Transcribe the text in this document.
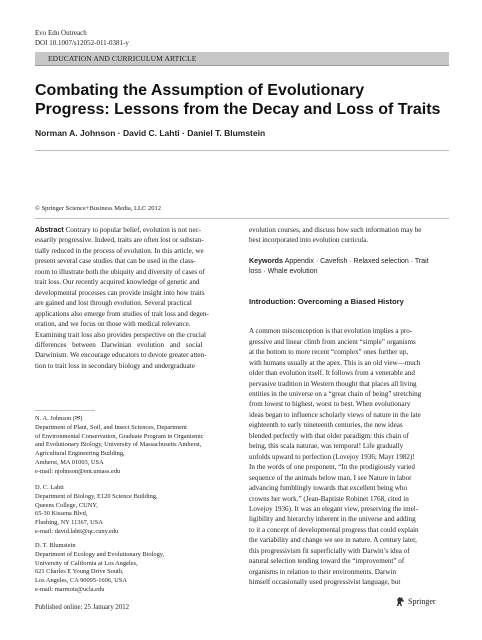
Evo Edu Outreach
DOI 10.1007/s12052-011-0381-y
EDUCATION AND CURRICULUM ARTICLE
Combating the Assumption of Evolutionary
Progress: Lessons from the Decay and Loss of Traits
Norman A. Johnson · David C. Lahti · Daniel T. Blumstein
© Springer Science+Business Media, LLC 2012
Abstract Contrary to popular belief, evolution is not nec-
essarily progressive. Indeed, traits are often lost or substan-
tially reduced in the process of evolution. In this article, we
present several case studies that can be used in the class-
room to illustrate both the ubiquity and diversity of cases of
trait loss. Our recently acquired knowledge of genetic and
developmental processes can provide insight into how traits
are gained and lost through evolution. Several practical
applications also emerge from studies of trait loss and degen-
eration, and we focus on those with medical relevance.
Examining trait loss also provides perspective on the crucial
differences between Darwinian evolution and social
Darwinism. We encourage educators to devote greater atten-
tion to trait loss in secondary biology and undergraduate
N. A. Johnson (✉)
Department of Plant, Soil, and Insect Sciences, Department
of Environmental Conservation, Graduate Program in Organismic
and Evolutionary Biology, University of Massachusetts Amherst,
Agricultural Engineering Building,
Amherst, MA 01003, USA
e-mail: njohnson@ent.umass.edu
D. C. Lahti
Department of Biology, E120 Science Building,
Queens College, CUNY,
65-30 Kissena Blvd,
Flushing, NY 11367, USA
e-mail: david.lahti@qc.cuny.edu
D. T. Blumstein
Department of Ecology and Evolutionary Biology,
University of California at Los Angeles,
621 Charles E Young Drive South,
Los Angeles, CA 90095-1606, USA
e-mail: marmots@ucla.edu
Published online: 25 January 2012
evolution courses, and discuss how such information may be
best incorporated into evolution curricula.
Keywords Appendix · Cavefish · Relaxed selection · Trait
loss · Whale evolution
Introduction: Overcoming a Biased History
A common misconception is that evolution implies a pro-
gressive and linear climb from ancient “simple” organisms
at the bottom to more recent “complex” ones further up,
with humans usually at the apex. This is an old view—much
older than evolution itself. It follows from a venerable and
pervasive tradition in Western thought that places all living
entities in the universe on a “great chain of being” stretching
from lowest to highest, worst to best. When evolutionary
ideas began to influence scholarly views of nature in the late
eighteenth to early nineteenth centuries, the new ideas
blended perfectly with that older paradigm: this chain of
being, this scala naturae, was temporal! Life gradually
unfolds upward to perfection (Lovejoy 1936; Mayr 1982)!
In the words of one proponent, “In the prodigiously varied
sequence of the animals below man, I see Nature in labor
advancing fumblingly towards that excellent being who
crowns her work.” (Jean-Baptiste Robinet 1768, cited in
Lovejoy 1936). It was an elegant view, preserving the intel-
ligibility and hierarchy inherent in the universe and adding
to it a concept of developmental progress that could explain
the variability and change we see in nature. A century later,
this progressivism fit superficially with Darwin’s idea of
natural selection tending toward the “improvement” of
organisms in relation to their environments. Darwin
himself occasionally used progressivist language, but
Springer
